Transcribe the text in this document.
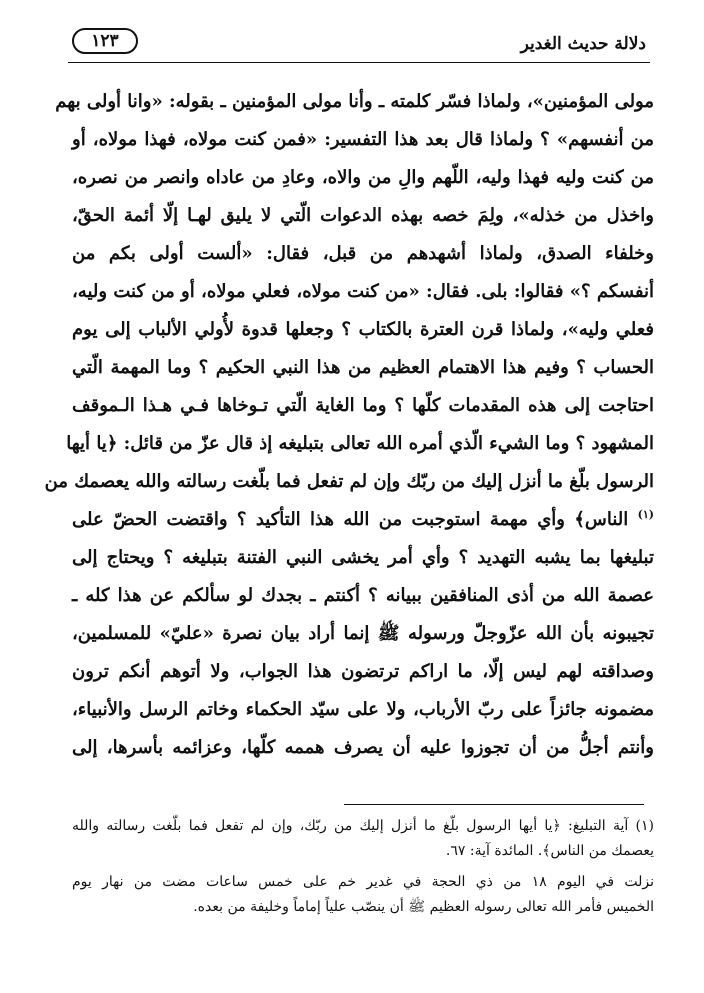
دلالة حديث الغدير
١٢٣
مولى المؤمنين»، ولماذا فسّر كلمته ـ وأنا مولى المؤمنين ـ بقوله: «وانا أولى بهم
من أنفسهم» ؟ ولماذا قال بعد هذا التفسير: «فمن كنت مولاه، فهذا مولاه، أو
من كنت وليه فهذا وليه، اللّهم والِ من والاه، وعادِ من عاداه وانصر من نصره،
واخذل من خذله»، ولِمَ خصه بهذه الدعوات الّتي لا يليق لهـا إلّا أئمة الحقّ،
وخلفاء الصدق، ولماذا أشهدهم من قبل، فقال: «ألست أولى بكم من
أنفسكم ؟» فقالوا: بلى. فقال: «من كنت مولاه، فعلي مولاه، أو من كنت وليه،
فعلي وليه»، ولماذا قرن العترة بالكتاب ؟ وجعلها قدوة لأُولي الألباب إلى يوم
الحساب ؟ وفيم هذا الاهتمام العظيم من هذا النبي الحكيم ؟ وما المهمة الّتي
احتاجت إلى هذه المقدمات كلّها ؟ وما الغاية الّتي تـوخاها فـي هـذا الـموقف
المشهود ؟ وما الشيء الّذي أمره الله تعالى بتبليغه إذ قال عزّ من قائل: ﴿يا أيها
الرسول بلّغ ما أنزل إليك من ربّك وإن لم تفعل فما بلّغت رسالته والله يعصمك من
$^{(١)}$ الناس﴾ وأي مهمة استوجبت من الله هذا التأكيد ؟ واقتضت الحضّ على
تبليغها بما يشبه التهديد ؟ وأي أمر يخشى النبي الفتنة بتبليغه ؟ ويحتاج إلى
عصمة الله من أذى المنافقين ببيانه ؟ أكنتم ـ بجدك لو سألكم عن هذا كله ـ
تجيبونه بأن الله عزّوجلّ ورسوله ﷺ إنما أراد بيان نصرة «عليّ» للمسلمين،
وصداقته لهم ليس إلّا، ما اراكم ترتضون هذا الجواب، ولا أتوهم أنكم ترون
مضمونه جائزاً على ربّ الأرباب، ولا على سيّد الحكماء وخاتم الرسل والأنبياء،
وأنتم أجلُّ من أن تجوزوا عليه أن يصرف هممه كلّها، وعزائمه بأسرها، إلى
(١) آية التبليغ: ﴿يا أيها الرسول بلّغ ما أنزل إليك من ربّك، وإن لم تفعل فما بلّغت رسالته والله
يعصمك من الناس﴾. المائدة آية: ٦٧.
نزلت في اليوم ١٨ من ذي الحجة في غدير خم على خمس ساعات مضت من نهار يوم
الخميس فأمر الله تعالى رسوله العظيم ﷺ أن ينصّب علياً إماماً وخليفة من بعده.
